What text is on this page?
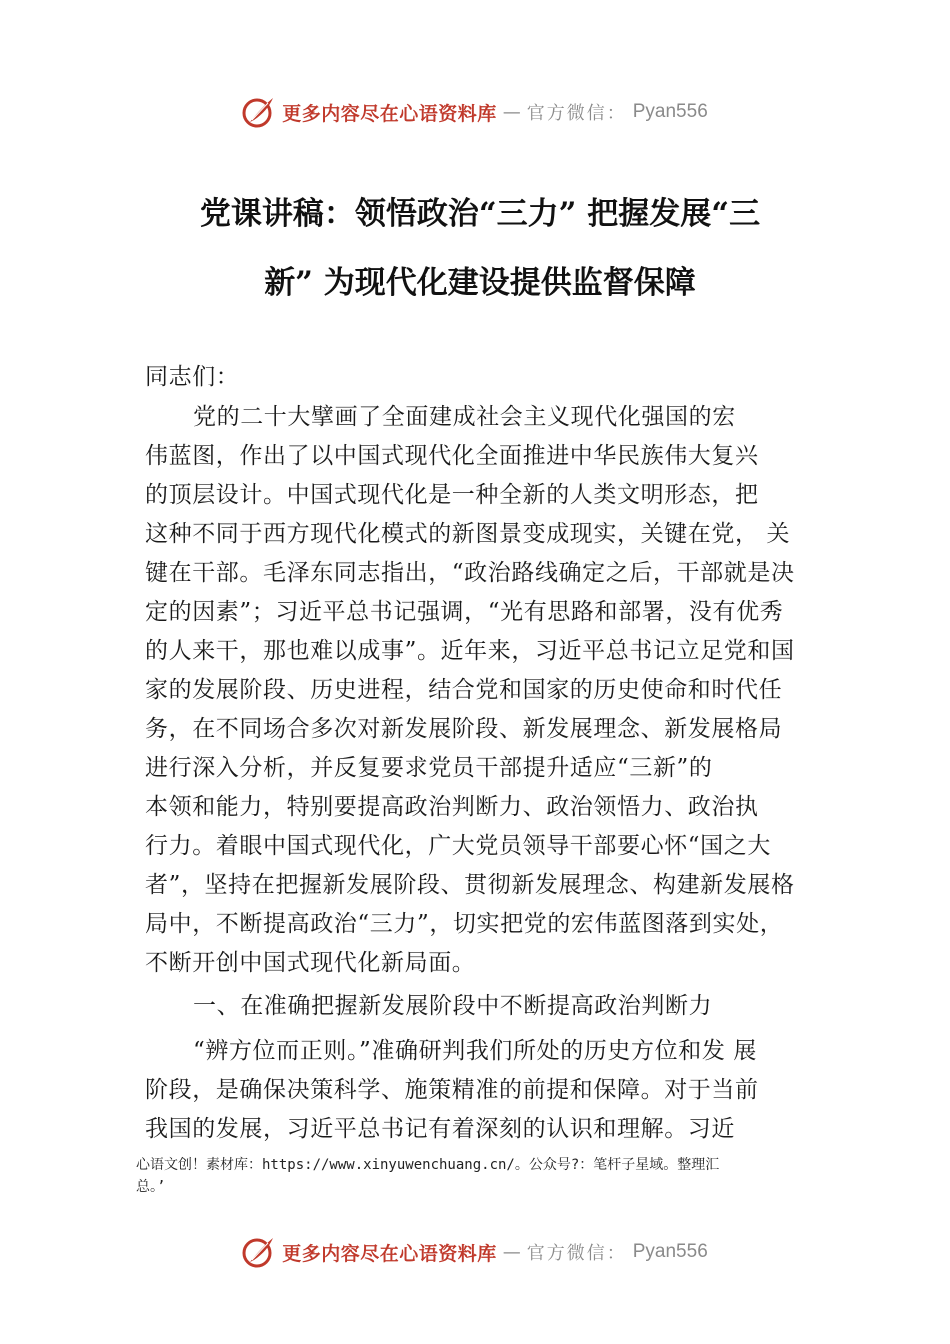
更多内容尽在心语资料库 — 官方微信： Pyan556
党课讲稿：领悟政治“三力” 把握发展“三
新” 为现代化建设提供监督保障
同志们：
党的二十大擘画了全面建成社会主义现代化强国的宏
伟蓝图，作出了以中国式现代化全面推进中华民族伟大复兴
的顶层设计。中国式现代化是一种全新的人类文明形态，把
这种不同于西方现代化模式的新图景变成现实，关键在党， 关
键在干部。毛泽东同志指出，“政治路线确定之后，干部就是决
定的因素”；习近平总书记强调，“光有思路和部署，没有优秀
的人来干，那也难以成事”。近年来，习近平总书记立足党和国
家的发展阶段、历史进程，结合党和国家的历史使命和时代任
务，在不同场合多次对新发展阶段、新发展理念、新发展格局
进行深入分析，并反复要求党员干部提升适应“三新”的
本领和能力，特别要提高政治判断力、政治领悟力、政治执
行力。着眼中国式现代化，广大党员领导干部要心怀“国之大
者”，坚持在把握新发展阶段、贯彻新发展理念、构建新发展格
局中，不断提高政治“三力”，切实把党的宏伟蓝图落到实处，
不断开创中国式现代化新局面。
一、在准确把握新发展阶段中不断提高政治判断力
“辨方位而正则。”准确研判我们所处的历史方位和发 展
阶段，是确保决策科学、施策精准的前提和保障。对于当前
我国的发展，习近平总书记有着深刻的认识和理解。习近
心语文创！素材库：https://www.xinyuwenchuang.cn/。公众号?：笔杆子星域。整理汇
总。’
更多内容尽在心语资料库 — 官方微信： Pyan556
